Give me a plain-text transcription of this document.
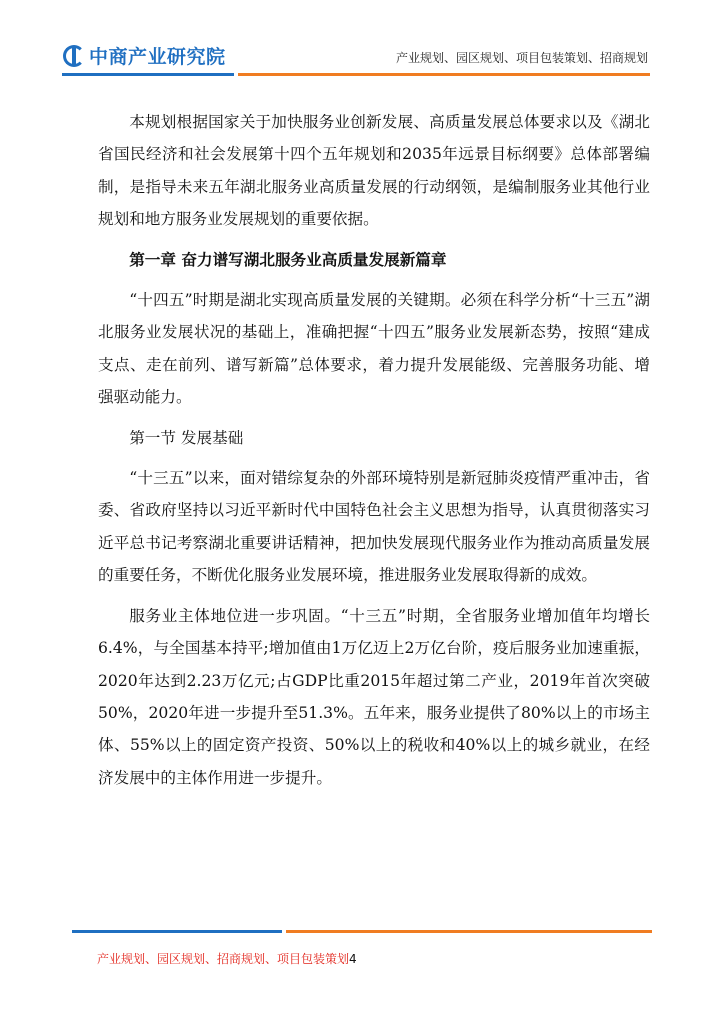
中商产业研究院	产业规划、园区规划、项目包装策划、招商规划

本规划根据国家关于加快服务业创新发展、高质量发展总体要求以及《湖北省国民经济和社会发展第十四个五年规划和2035年远景目标纲要》总体部署编制，是指导未来五年湖北服务业高质量发展的行动纲领，是编制服务业其他行业规划和地方服务业发展规划的重要依据。

第一章 奋力谱写湖北服务业高质量发展新篇章

“十四五”时期是湖北实现高质量发展的关键期。必须在科学分析“十三五”湖北服务业发展状况的基础上，准确把握“十四五”服务业发展新态势，按照“建成支点、走在前列、谱写新篇”总体要求，着力提升发展能级、完善服务功能、增强驱动能力。

第一节 发展基础

“十三五”以来，面对错综复杂的外部环境特别是新冠肺炎疫情严重冲击，省委、省政府坚持以习近平新时代中国特色社会主义思想为指导，认真贯彻落实习近平总书记考察湖北重要讲话精神，把加快发展现代服务业作为推动高质量发展的重要任务，不断优化服务业发展环境，推进服务业发展取得新的成效。

服务业主体地位进一步巩固。“十三五”时期，全省服务业增加值年均增长6.4%，与全国基本持平;增加值由1万亿迈上2万亿台阶，疫后服务业加速重振，2020年达到2.23万亿元;占GDP比重2015年超过第二产业，2019年首次突破50%，2020年进一步提升至51.3%。五年来，服务业提供了80%以上的市场主体、55%以上的固定资产投资、50%以上的税收和40%以上的城乡就业，在经济发展中的主体作用进一步提升。

产业规划、园区规划、招商规划、项目包装策划4
